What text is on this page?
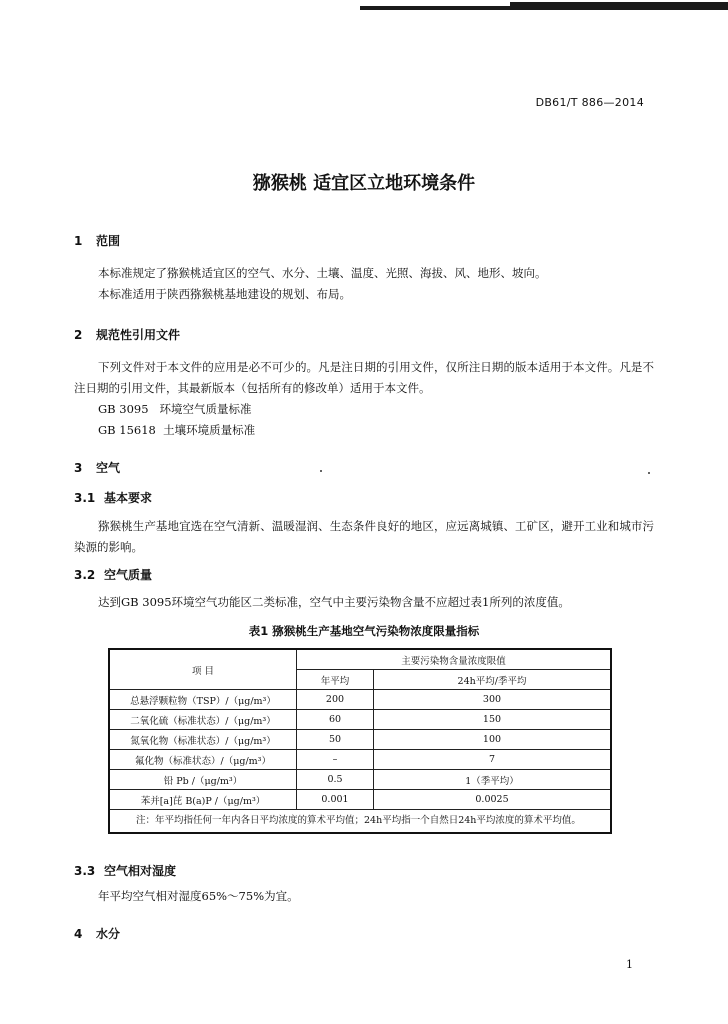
DB61/T 886—2014
猕猴桃 适宜区立地环境条件
1 范围
本标准规定了猕猴桃适宜区的空气、水分、土壤、温度、光照、海拔、风、地形、坡向。
本标准适用于陕西猕猴桃基地建设的规划、布局。
2 规范性引用文件
下列文件对于本文件的应用是必不可少的。凡是注日期的引用文件，仅所注日期的版本适用于本文件。凡是不注日期的引用文件，其最新版本（包括所有的修改单）适用于本文件。
GB 3095   环境空气质量标准
GB 15618  土壤环境质量标准
3 空气
3.1 基本要求
猕猴桃生产基地宜选在空气清新、温暖湿润、生态条件良好的地区，应远离城镇、工矿区，避开工业和城市污染源的影响。
3.2 空气质量
达到GB 3095环境空气功能区二类标准，空气中主要污染物含量不应超过表1所列的浓度值。
表1 猕猴桃生产基地空气污染物浓度限量指标
项 目	主要污染物含量浓度限值	
	年平均	24h平均/季平均
总悬浮颗粒物（TSP）/（μg/m³）	200	300
二氧化硫（标准状态）/（μg/m³）	60	150
氮氧化物（标准状态）/（μg/m³）	50	100
氟化物（标准状态）/（μg/m³）	–	7
铅 Pb /（μg/m³）	0.5	1（季平均）
苯并[a]芘 B(a)P /（μg/m³）	0.001	0.0025
注：年平均指任何一年内各日平均浓度的算术平均值；24h平均指一个自然日24h平均浓度的算术平均值。		
3.3 空气相对湿度
年平均空气相对湿度65%～75%为宜。
4 水分
1
